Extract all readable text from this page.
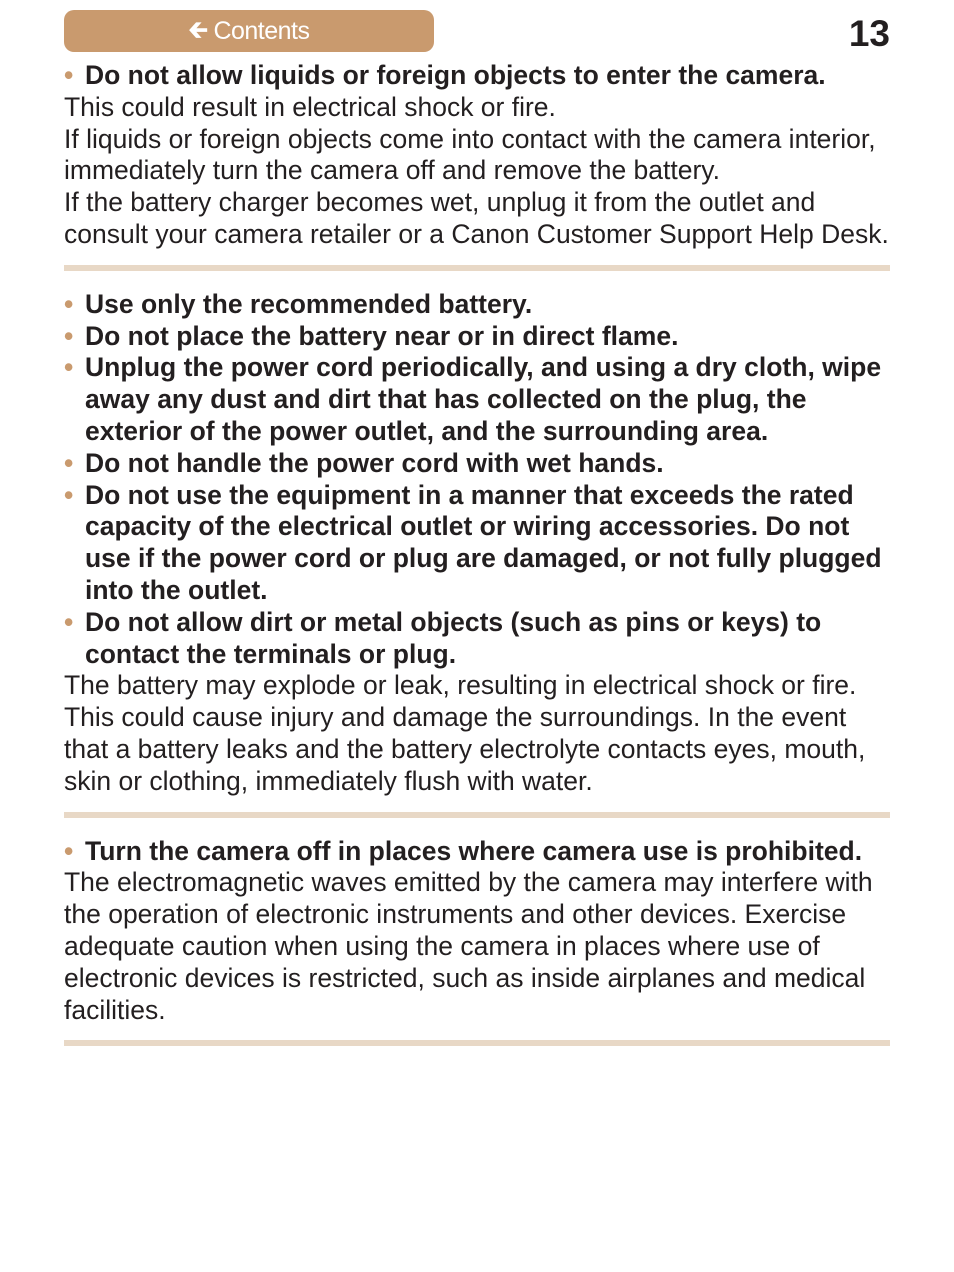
🡰 Contents	13
• Do not allow liquids or foreign objects to enter the camera.
This could result in electrical shock or fire.
If liquids or foreign objects come into contact with the camera interior, immediately turn the camera off and remove the battery.
If the battery charger becomes wet, unplug it from the outlet and consult your camera retailer or a Canon Customer Support Help Desk.
• Use only the recommended battery.
• Do not place the battery near or in direct flame.
• Unplug the power cord periodically, and using a dry cloth, wipe away any dust and dirt that has collected on the plug, the exterior of the power outlet, and the surrounding area.
• Do not handle the power cord with wet hands.
• Do not use the equipment in a manner that exceeds the rated capacity of the electrical outlet or wiring accessories. Do not use if the power cord or plug are damaged, or not fully plugged into the outlet.
• Do not allow dirt or metal objects (such as pins or keys) to contact the terminals or plug.
The battery may explode or leak, resulting in electrical shock or fire. This could cause injury and damage the surroundings. In the event that a battery leaks and the battery electrolyte contacts eyes, mouth, skin or clothing, immediately flush with water.
• Turn the camera off in places where camera use is prohibited.
The electromagnetic waves emitted by the camera may interfere with the operation of electronic instruments and other devices. Exercise adequate caution when using the camera in places where use of electronic devices is restricted, such as inside airplanes and medical facilities.
